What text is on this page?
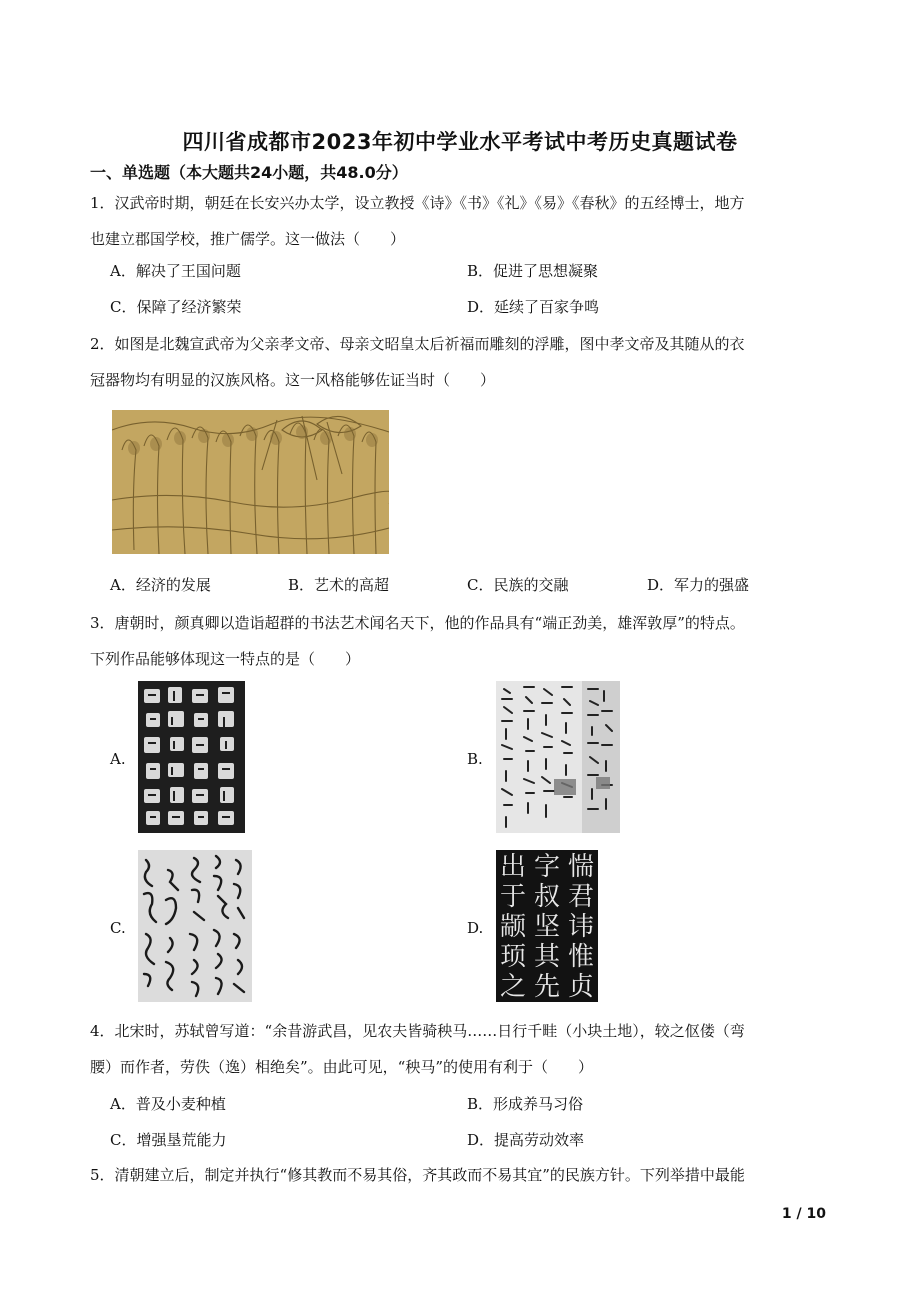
四川省成都市2023年初中学业水平考试中考历史真题试卷
一、单选题（本大题共24小题，共48.0分）
1．汉武帝时期，朝廷在长安兴办太学，设立教授《诗》《书》《礼》《易》《春秋》的五经博士，地方
也建立郡国学校，推广儒学。这一做法（　　）
A．解决了王国问题	B．促进了思想凝聚
C．保障了经济繁荣	D．延续了百家争鸣
2．如图是北魏宣武帝为父亲孝文帝、母亲文昭皇太后祈福而雕刻的浮雕，图中孝文帝及其随从的衣
冠器物均有明显的汉族风格。这一风格能够佐证当时（　　）
A．经济的发展	B．艺术的高超	C．民族的交融	D．军力的强盛
3．唐朝时，颜真卿以造诣超群的书法艺术闻名天下，他的作品具有“端正劲美，雄浑敦厚”的特点。
下列作品能够体现这一特点的是（　　）
A.	B.
C.	D.
惴
君
讳
惟
贞
字
叔
坚
其
先
出
于
颛
顼
之
4．北宋时，苏轼曾写道：“余昔游武昌，见农夫皆骑秧马……日行千畦（小块土地），较之伛偻（弯
腰）而作者，劳佚（逸）相绝矣”。由此可见，“秧马”的使用有利于（　　）
A．普及小麦种植	B．形成养马习俗
C．增强垦荒能力	D．提高劳动效率
5．清朝建立后，制定并执行“修其教而不易其俗，齐其政而不易其宜”的民族方针。下列举措中最能
1 / 10
